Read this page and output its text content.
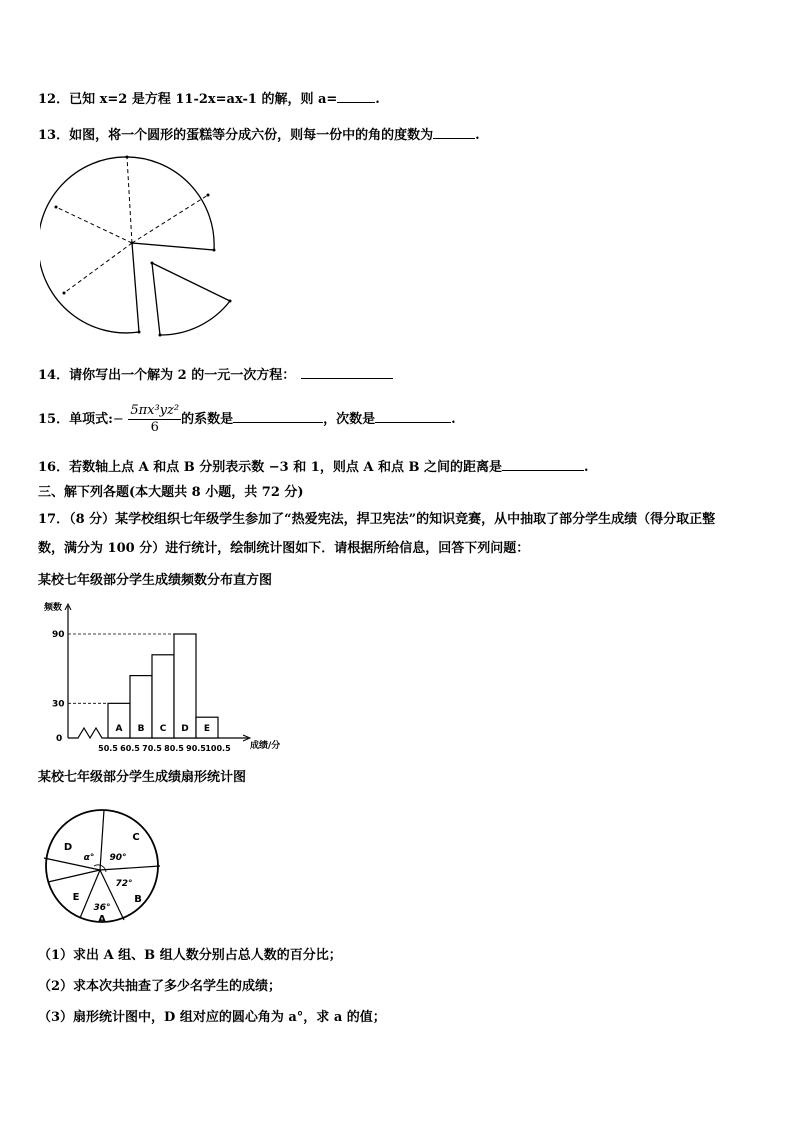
12．已知 x=2 是方程 11-2x=ax-1 的解，则 a=	.
13．如图，将一个圆形的蛋糕等分成六份，则每一份中的角的度数为	.
14．请你写出一个解为 2 的一元一次方程：
15．单项式:− $\frac{\text{5πx³yz²}}{6}$ 的系数是	，次数是	.
16．若数轴上点 A 和点 B 分别表示数 −3 和 1，则点 A 和点 B 之间的距离是	.
三、解下列各题(本大题共 8 小题，共 72 分)
17．（8 分）某学校组织七年级学生参加了“热爱宪法，捍卫宪法”的知识竞赛，从中抽取了部分学生成绩（得分取正整
数，满分为 100 分）进行统计，绘制统计图如下．请根据所给信息，回答下列问题：
某校七年级部分学生成绩频数分布直方图
频数
成绩/分
0
30
90
A B C D E
50.5 60.5 70.5 80.5 90.5 100.5
某校七年级部分学生成绩扇形统计图
C
D
E	B
A
α° 90°
72°
36°
（1）求出 A 组、B 组人数分别占总人数的百分比；
（2）求本次共抽查了多少名学生的成绩；
（3）扇形统计图中，D 组对应的圆心角为 a°，求 a 的值；
